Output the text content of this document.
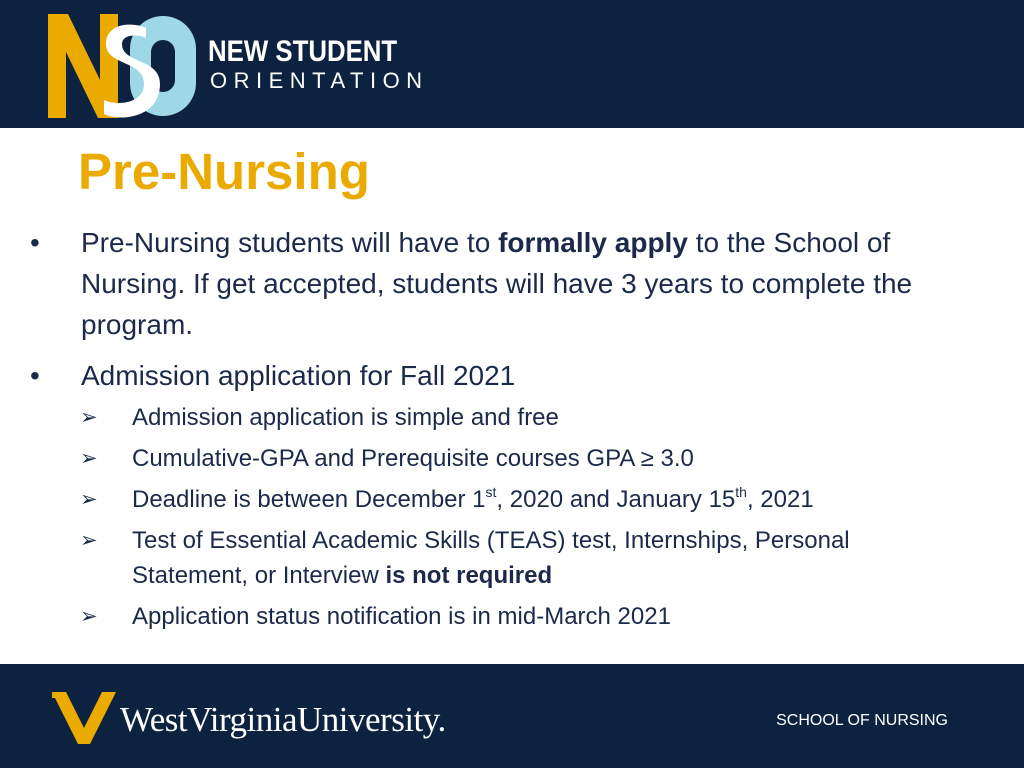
NEW STUDENT
ORIENTATION
Pre-Nursing
• Pre-Nursing students will have to formally apply to the School of Nursing. If get accepted, students will have 3 years to complete the program.
• Admission application for Fall 2021
➢ Admission application is simple and free
➢ Cumulative-GPA and Prerequisite courses GPA ≥ 3.0
➢ Deadline is between December 1st, 2020 and January 15th, 2021
➢ Test of Essential Academic Skills (TEAS) test, Internships, Personal Statement, or Interview is not required
➢ Application status notification is in mid-March 2021
WestVirginiaUniversity.	SCHOOL OF NURSING
